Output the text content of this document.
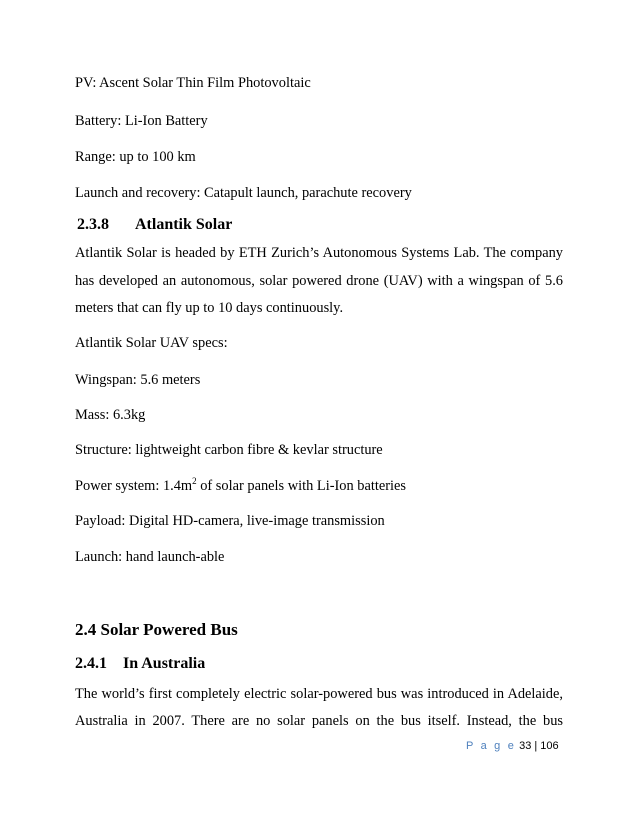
PV: Ascent Solar Thin Film Photovoltaic
Battery: Li-Ion Battery
Range: up to 100 km
Launch and recovery: Catapult launch, parachute recovery
2.3.8 Atlantik Solar
Atlantik Solar is headed by ETH Zurich’s Autonomous Systems Lab. The company
has developed an autonomous, solar powered drone (UAV) with a wingspan of 5.6
meters that can fly up to 10 days continuously.
Atlantik Solar UAV specs:
Wingspan: 5.6 meters
Mass: 6.3kg
Structure: lightweight carbon fibre & kevlar structure
Power system: $1.4m^2$ of solar panels with Li-Ion batteries
Payload: Digital HD-camera, live-image transmission
Launch: hand launch-able
2.4 Solar Powered Bus
2.4.1 In Australia
The world’s first completely electric solar-powered bus was introduced in Adelaide,
Australia in 2007. There are no solar panels on the bus itself. Instead, the bus
P a g e 33 | 106
